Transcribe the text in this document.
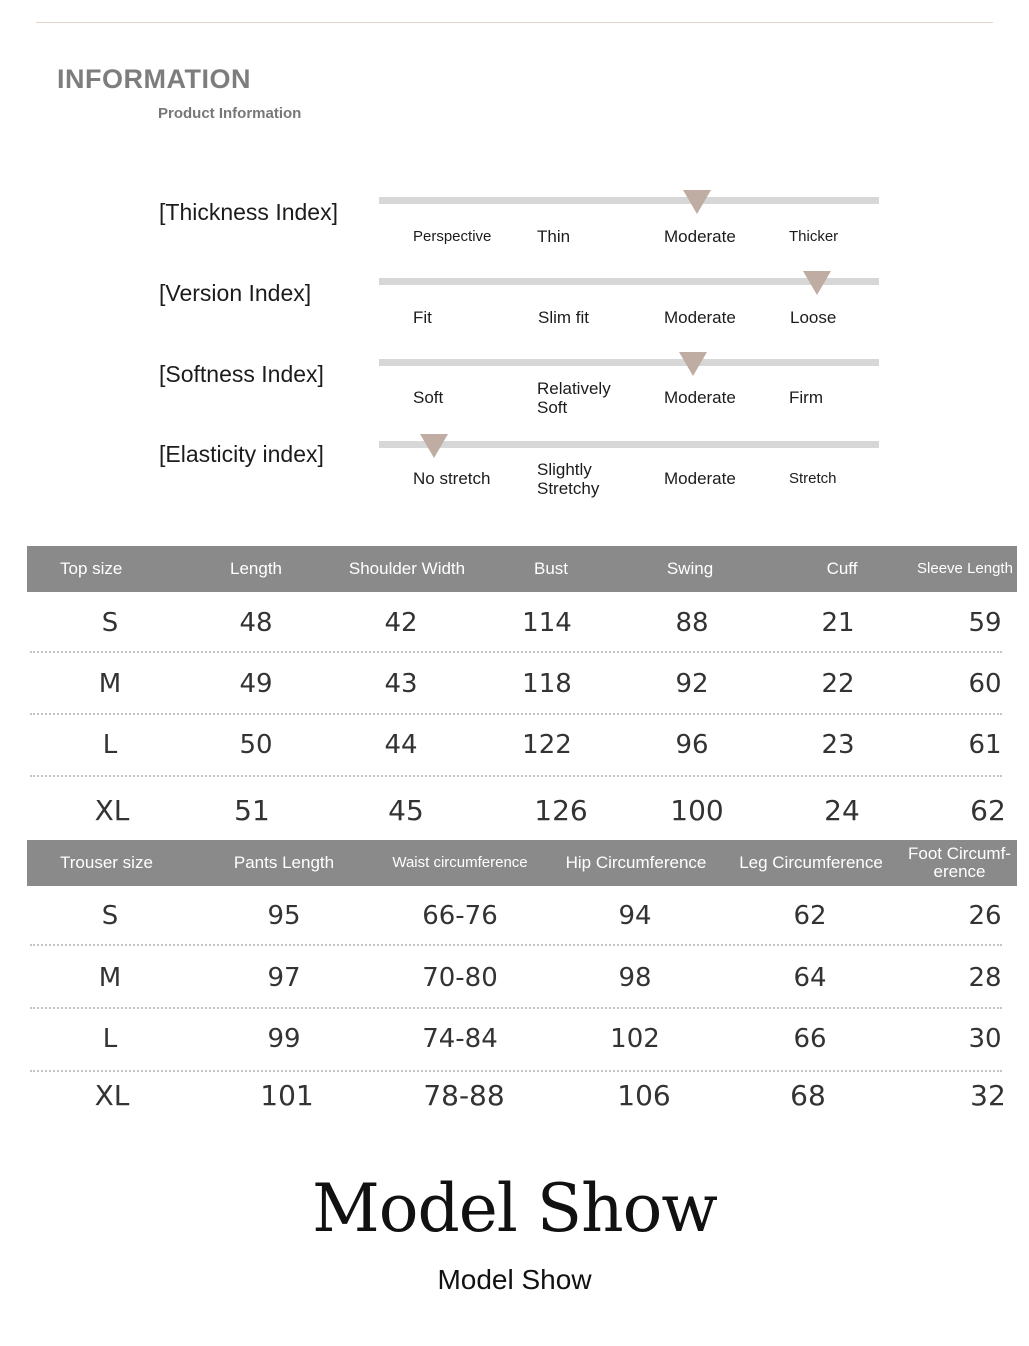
INFORMATION
Product Information
[Thickness Index]
Perspective	Thin	Moderate	Thicker
[Version Index]
Fit	Slim fit	Moderate	Loose
[Softness Index]
Soft	Relatively Soft
Moderate	Firm
[Elasticity index]
No stretch	Slightly Stretchy
Moderate	Stretch
Top size	Length	Shoulder Width	Bust	Swing	Cuff	Sleeve Length
S	48	42	114	88	21	59
M	49	43	118	92	22	60
L	50	44	122	96	23	61
XL	51	45	126	100	24	62
Trouser size	Pants Length	Waist circumference	Hip Circumference	Leg Circumference	Foot Circumf-erence
S	95	66-76	94	62	26
M	97	70-80	98	64	28
L	99	74-84	102	66	30
XL	101	78-88	106	68	32
Model Show
Model Show
